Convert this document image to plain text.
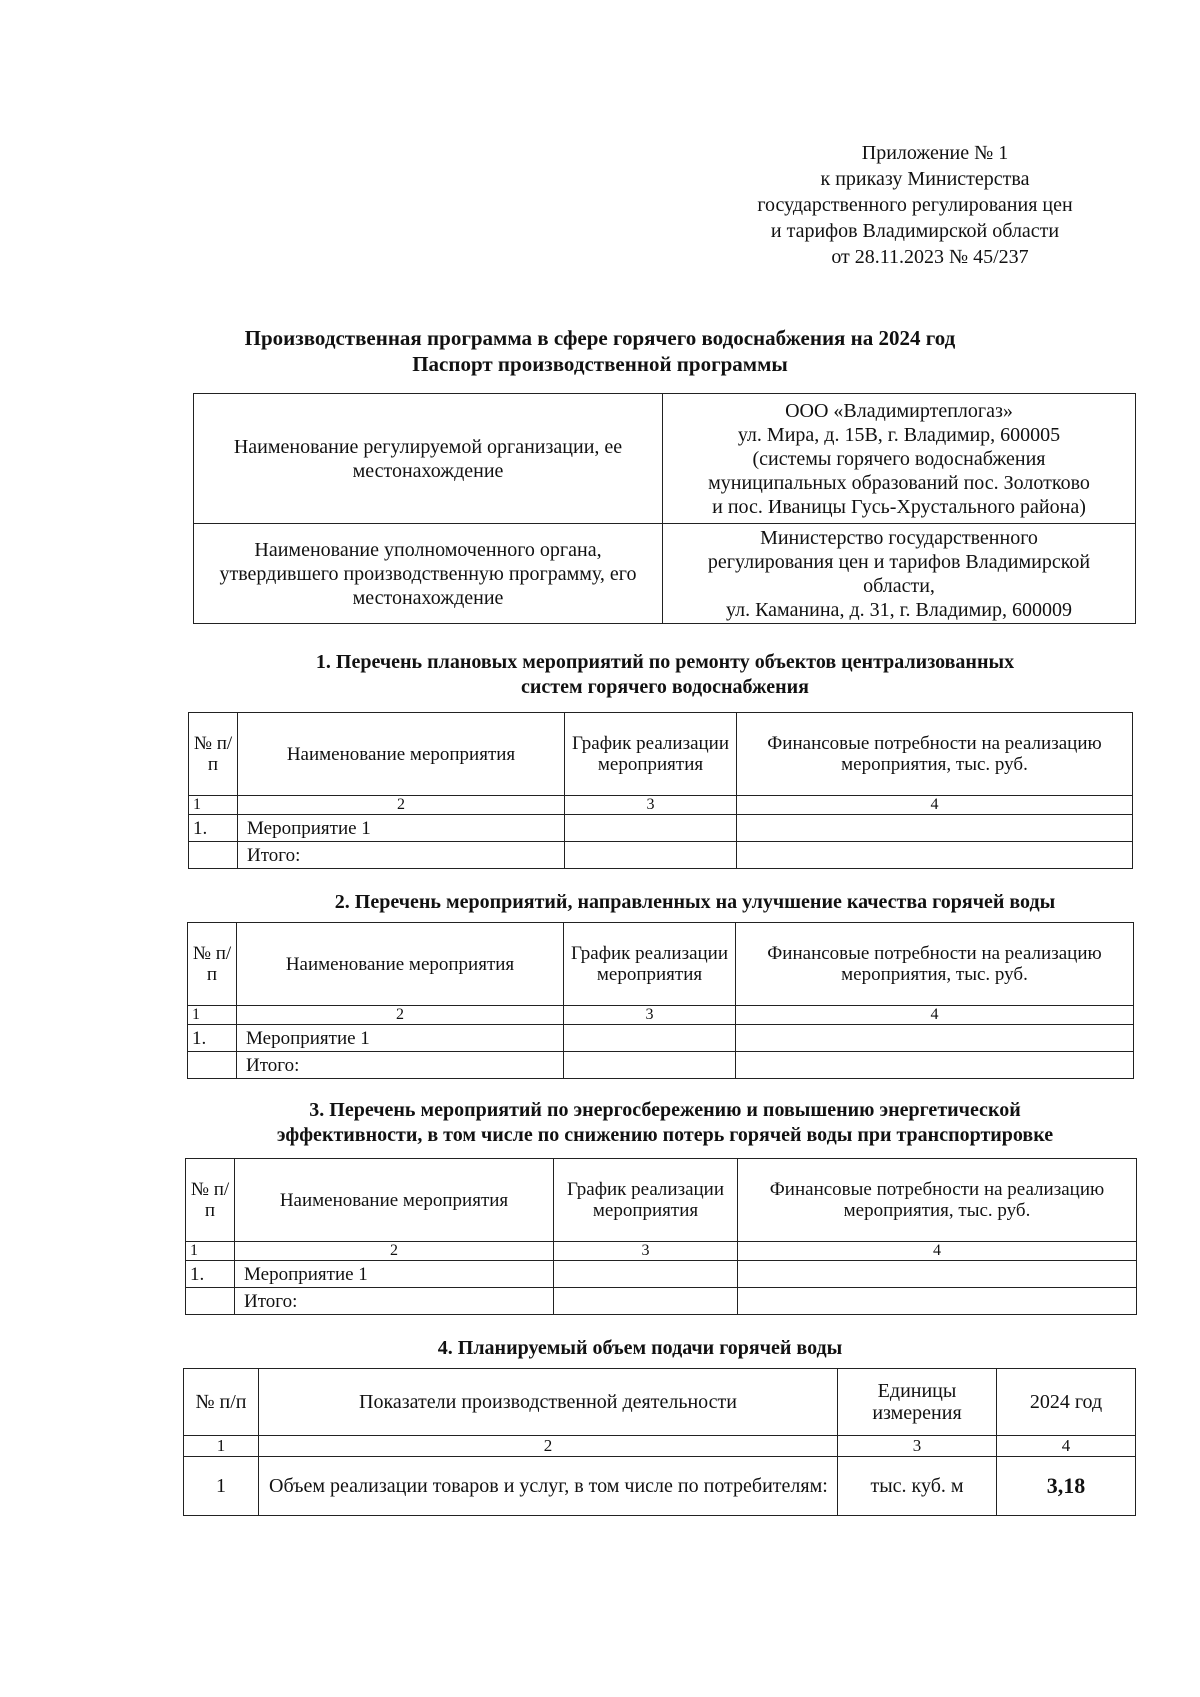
Приложение № 1
к приказу Министерства
государственного регулирования цен
и тарифов Владимирской области
от 28.11.2023 № 45/237
Производственная программа в сфере горячего водоснабжения на 2024 год
Паспорт производственной программы
Наименование регулируемой организации, ее местонахождение	ООО «Владимиртеплогаз»
ул. Мира, д. 15В, г. Владимир, 600005
(системы горячего водоснабжения
муниципальных образований пос. Золотково
и пос. Иваницы Гусь-Хрустального района)

Наименование уполномоченного органа, утвердившего производственную программу, его местонахождение	Министерство государственного
регулирования цен и тарифов Владимирской
области,
ул. Каманина, д. 31, г. Владимир, 600009
1. Перечень плановых мероприятий по ремонту объектов централизованных
систем горячего водоснабжения
№ п/п	Наименование мероприятия	График реализации мероприятия	Финансовые потребности на реализацию мероприятия, тыс. руб.
1	2	3	4
1.	Мероприятие 1		
	Итого:		
2. Перечень мероприятий, направленных на улучшение качества горячей воды
№ п/п	Наименование мероприятия	График реализации мероприятия	Финансовые потребности на реализацию мероприятия, тыс. руб.
1	2	3	4
1.	Мероприятие 1		
	Итого:		
3. Перечень мероприятий по энергосбережению и повышению энергетической
эффективности, в том числе по снижению потерь горячей воды при транспортировке
№ п/п	Наименование мероприятия	График реализации мероприятия	Финансовые потребности на реализацию мероприятия, тыс. руб.
1	2	3	4
1.	Мероприятие 1		
	Итого:		
4. Планируемый объем подачи горячей воды
№ п/п	Показатели производственной деятельности	Единицы измерения	2024 год
1	2	3	4
1	Объем реализации товаров и услуг, в том числе по потребителям:	тыс. куб. м	3,18
